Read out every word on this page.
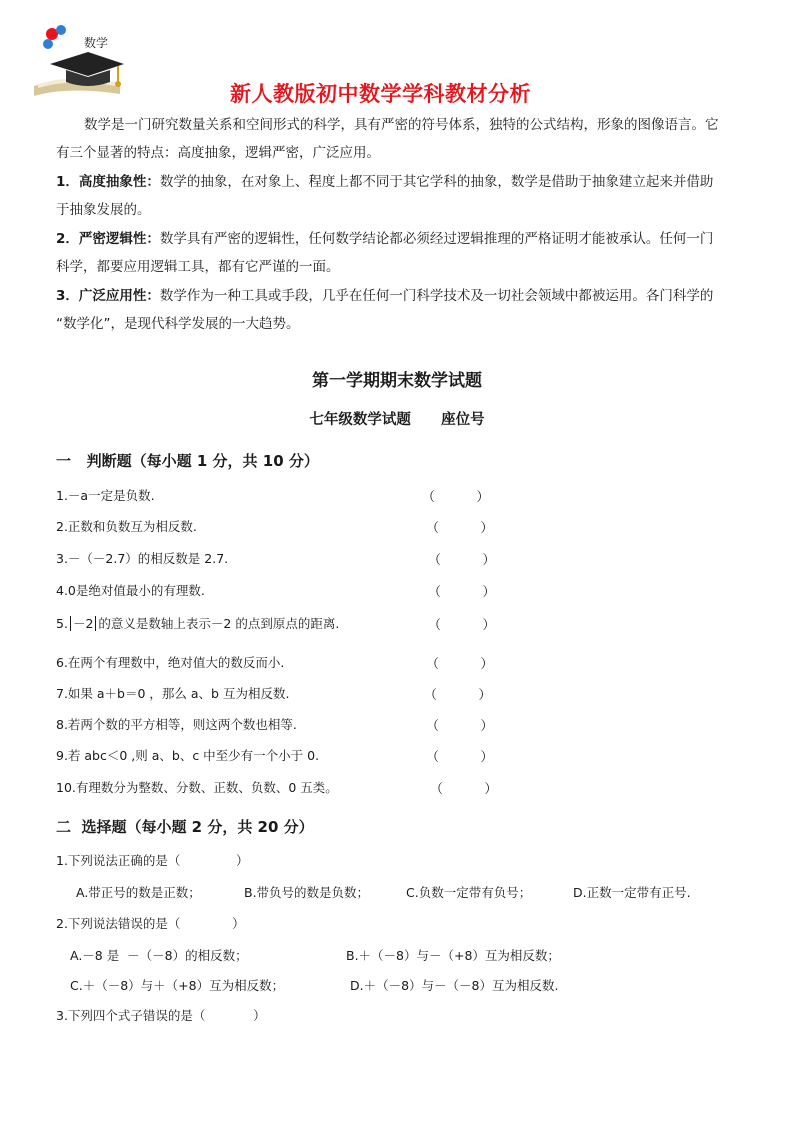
数学
新人教版初中数学学科教材分析
数学是一门研究数量关系和空间形式的科学，具有严密的符号体系，独特的公式结构，形象的图像语言。它
有三个显著的特点：高度抽象，逻辑严密，广泛应用。
1．高度抽象性：数学的抽象，在对象上、程度上都不同于其它学科的抽象，数学是借助于抽象建立起来并借助
于抽象发展的。
2．严密逻辑性：数学具有严密的逻辑性，任何数学结论都必须经过逻辑推理的严格证明才能被承认。任何一门
科学，都要应用逻辑工具，都有它严谨的一面。
3．广泛应用性：数学作为一种工具或手段，几乎在任何一门科学技术及一切社会领域中都被运用。各门科学的
“数学化”，是现代科学发展的一大趋势。
第一学期期末数学试题
七年级数学试题      座位号
一   判断题（每小题 1 分，共 10 分）
1.－a一定是负数.	（          ）
2.正数和负数互为相反数.	（          ）
3.－（－2.7）的相反数是 2.7.	（          ）
4.0是绝对值最小的有理数.	（          ）
5. －2 的意义是数轴上表示－2 的点到原点的距离.	（          ）
6.在两个有理数中，绝对值大的数反而小.	（          ）
7.如果 a＋b＝0 ，那么 a、b 互为相反数.	（          ）
8.若两个数的平方相等，则这两个数也相等.	（          ）
9.若 abc＜0 ,则 a、b、c 中至少有一个小于 0.	（          ）
10.有理数分为整数、分数、正数、负数、0 五类。	（          ）
二  选择题（每小题 2 分，共 20 分）
1.下列说法正确的是（              ）
A.带正号的数是正数；	B.带负号的数是负数；	C.负数一定带有负号；	D.正数一定带有正号.
2.下列说法错误的是（             ）
A.－8 是  －（－8）的相反数；	B.＋（－8）与－（+8）互为相反数；
C.＋（－8）与＋（+8）互为相反数；	D.＋（－8）与－（－8）互为相反数.
3.下列四个式子错误的是（            ）
